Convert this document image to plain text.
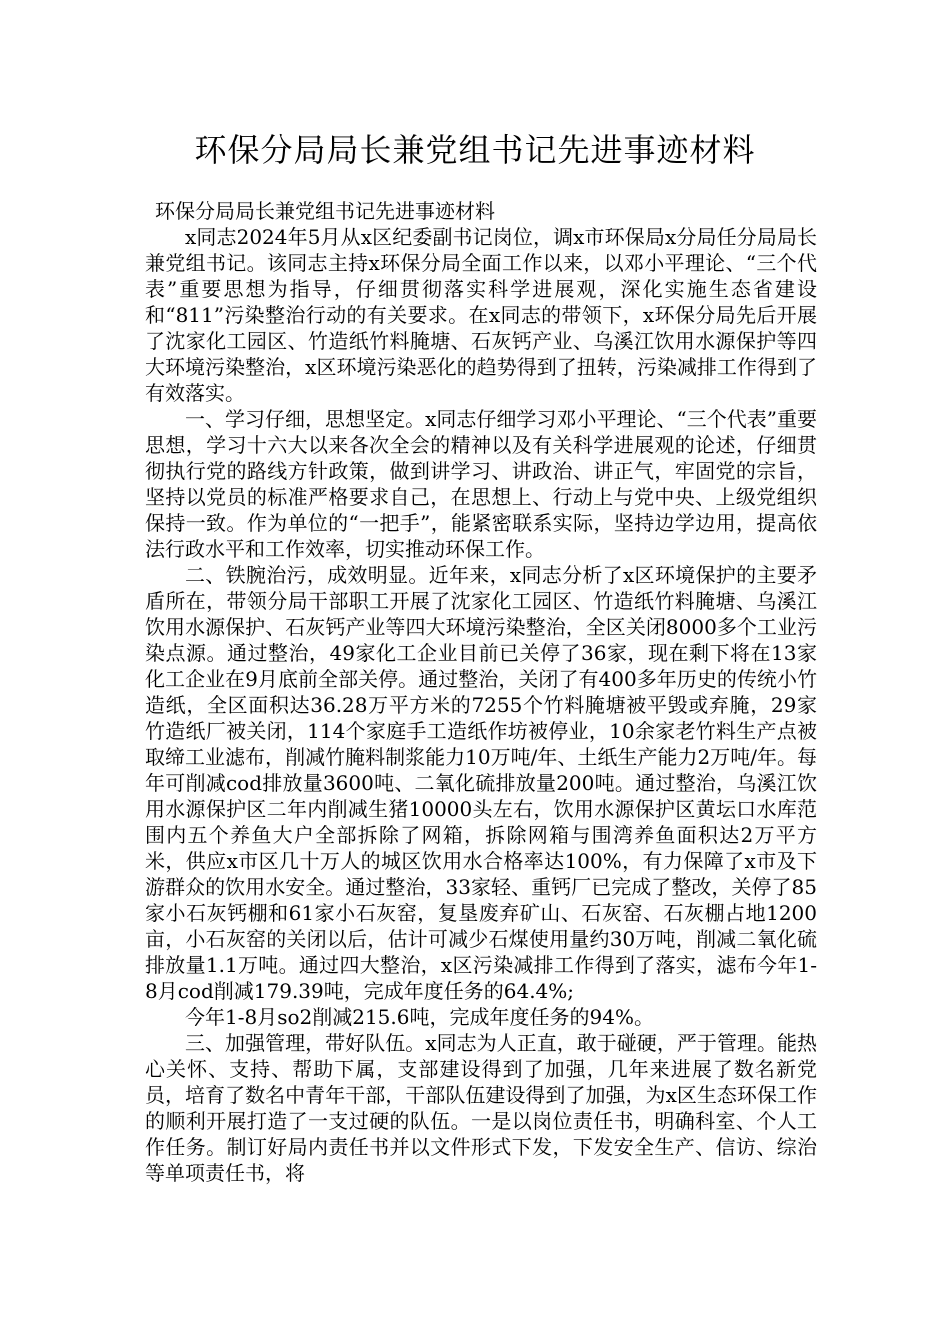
环保分局局长兼党组书记先进事迹材料

环保分局局长兼党组书记先进事迹材料

x同志2024年5月从x区纪委副书记岗位，调x市环保局x分局任分局局长兼党组书记。该同志主持x环保分局全面工作以来，以邓小平理论、“三个代表”重要思想为指导，仔细贯彻落实科学进展观，深化实施生态省建设和“811”污染整治行动的有关要求。在x同志的带领下，x环保分局先后开展了沈家化工园区、竹造纸竹料腌塘、石灰钙产业、乌溪江饮用水源保护等四大环境污染整治，x区环境污染恶化的趋势得到了扭转，污染减排工作得到了有效落实。

一、学习仔细，思想坚定。x同志仔细学习邓小平理论、“三个代表”重要思想，学习十六大以来各次全会的精神以及有关科学进展观的论述，仔细贯彻执行党的路线方针政策，做到讲学习、讲政治、讲正气，牢固党的宗旨，坚持以党员的标准严格要求自己，在思想上、行动上与党中央、上级党组织保持一致。作为单位的“一把手”，能紧密联系实际，坚持边学边用，提高依法行政水平和工作效率，切实推动环保工作。

二、铁腕治污，成效明显。近年来，x同志分析了x区环境保护的主要矛盾所在，带领分局干部职工开展了沈家化工园区、竹造纸竹料腌塘、乌溪江饮用水源保护、石灰钙产业等四大环境污染整治，全区关闭8000多个工业污染点源。通过整治，49家化工企业目前已关停了36家，现在剩下将在13家化工企业在9月底前全部关停。通过整治，关闭了有400多年历史的传统小竹造纸，全区面积达36.28万平方米的7255个竹料腌塘被平毁或弃腌，29家竹造纸厂被关闭，114个家庭手工造纸作坊被停业，10余家老竹料生产点被取缔工业滤布，削减竹腌料制浆能力10万吨/年、土纸生产能力2万吨/年。每年可削减cod排放量3600吨、二氧化硫排放量200吨。通过整治，乌溪江饮用水源保护区二年内削减生猪10000头左右，饮用水源保护区黄坛口水库范围内五个养鱼大户全部拆除了网箱，拆除网箱与围湾养鱼面积达2万平方米，供应x市区几十万人的城区饮用水合格率达100%，有力保障了x市及下游群众的饮用水安全。通过整治，33家轻、重钙厂已完成了整改，关停了85家小石灰钙棚和61家小石灰窑，复垦废弃矿山、石灰窑、石灰棚占地1200亩，小石灰窑的关闭以后，估计可减少石煤使用量约30万吨，削减二氧化硫排放量1.1万吨。通过四大整治，x区污染减排工作得到了落实，滤布今年1-8月cod削减179.39吨，完成年度任务的64.4%;

今年1-8月so2削减215.6吨，完成年度任务的94%。

三、加强管理，带好队伍。x同志为人正直，敢于碰硬，严于管理。能热心关怀、支持、帮助下属，支部建设得到了加强，几年来进展了数名新党员，培育了数名中青年干部，干部队伍建设得到了加强，为x区生态环保工作的顺利开展打造了一支过硬的队伍。一是以岗位责任书，明确科室、个人工作任务。制订好局内责任书并以文件形式下发，下发安全生产、信访、综治等单项责任书，将
